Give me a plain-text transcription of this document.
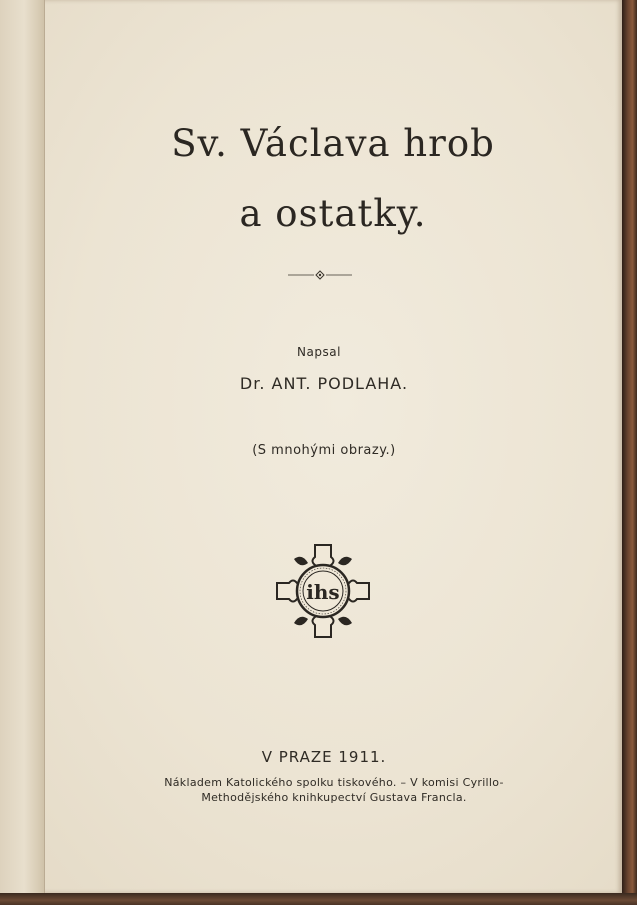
Sv. Václava hrob
a ostatky.
Napsal
Dr. ANT. PODLAHA.
(S mnohými obrazy.)
ihs
V PRAZE 1911.
Nákladem Katolického spolku tiskového. – V komisi Cyrillo-
Methodějského knihkupectví Gustava Francla.
